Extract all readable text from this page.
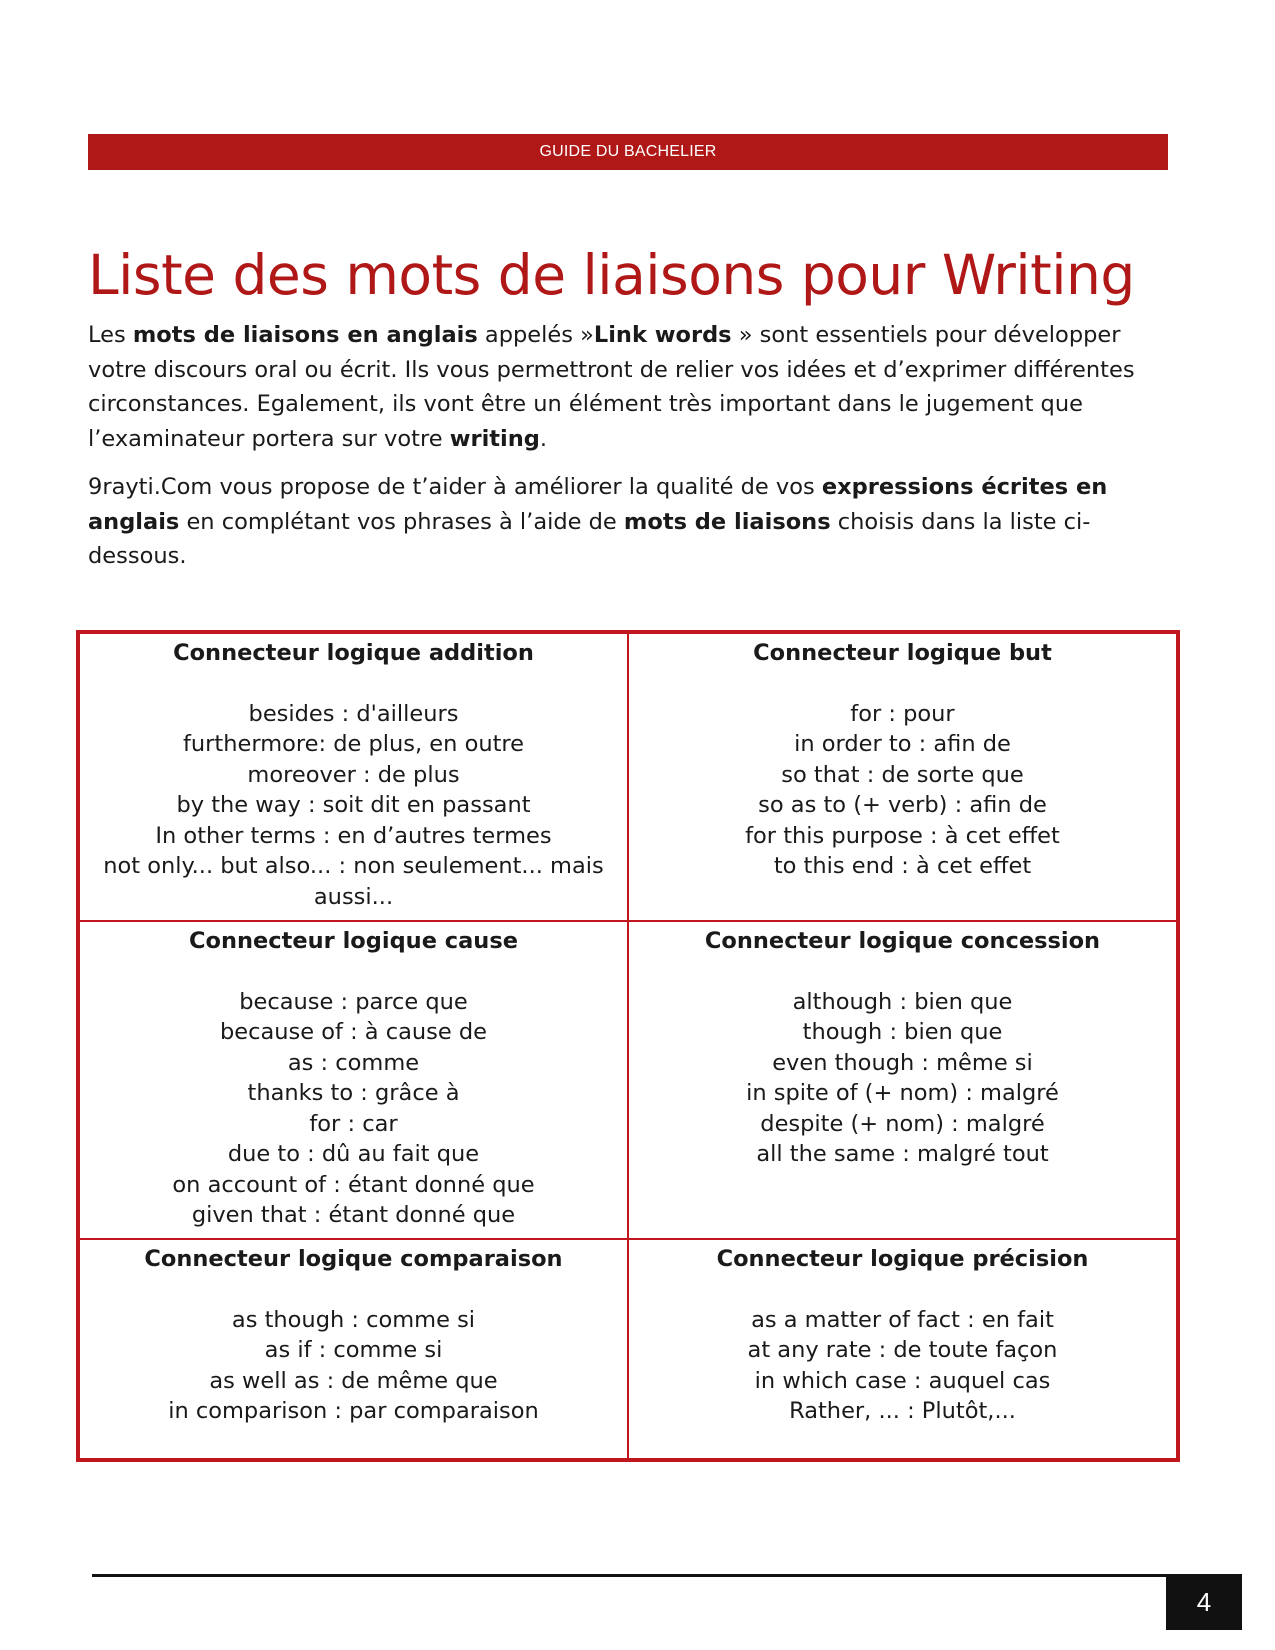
GUIDE DU BACHELIER
Liste des mots de liaisons pour Writing

Les mots de liaisons en anglais appelés »Link words » sont essentiels pour développer votre discours oral ou écrit. Ils vous permettront de relier vos idées et d’exprimer différentes circonstances. Egalement, ils vont être un élément très important dans le jugement que l’examinateur portera sur votre writing.

9rayti.Com vous propose de t’aider à améliorer la qualité de vos expressions écrites en anglais en complétant vos phrases à l’aide de mots de liaisons choisis dans la liste ci-dessous.

Connecteur logique addition
besides : d'ailleurs
furthermore: de plus, en outre
moreover : de plus
by the way : soit dit en passant
In other terms : en d’autres termes
not only... but also... : non seulement... mais aussi...
Connecteur logique but
for : pour
in order to : afin de
so that : de sorte que
so as to (+ verb) : afin de
for this purpose : à cet effet
to this end : à cet effet
Connecteur logique cause
because : parce que
because of : à cause de
as : comme
thanks to : grâce à
for : car
due to : dû au fait que
on account of : étant donné que
given that : étant donné que
Connecteur logique concession
although : bien que
though : bien que
even though : même si
in spite of (+ nom) : malgré
despite (+ nom) : malgré
all the same : malgré tout
Connecteur logique comparaison
as though : comme si
as if : comme si
as well as : de même que
in comparison : par comparaison
Connecteur logique précision
as a matter of fact : en fait
at any rate : de toute façon
in which case : auquel cas
Rather, ... : Plutôt,...
4
